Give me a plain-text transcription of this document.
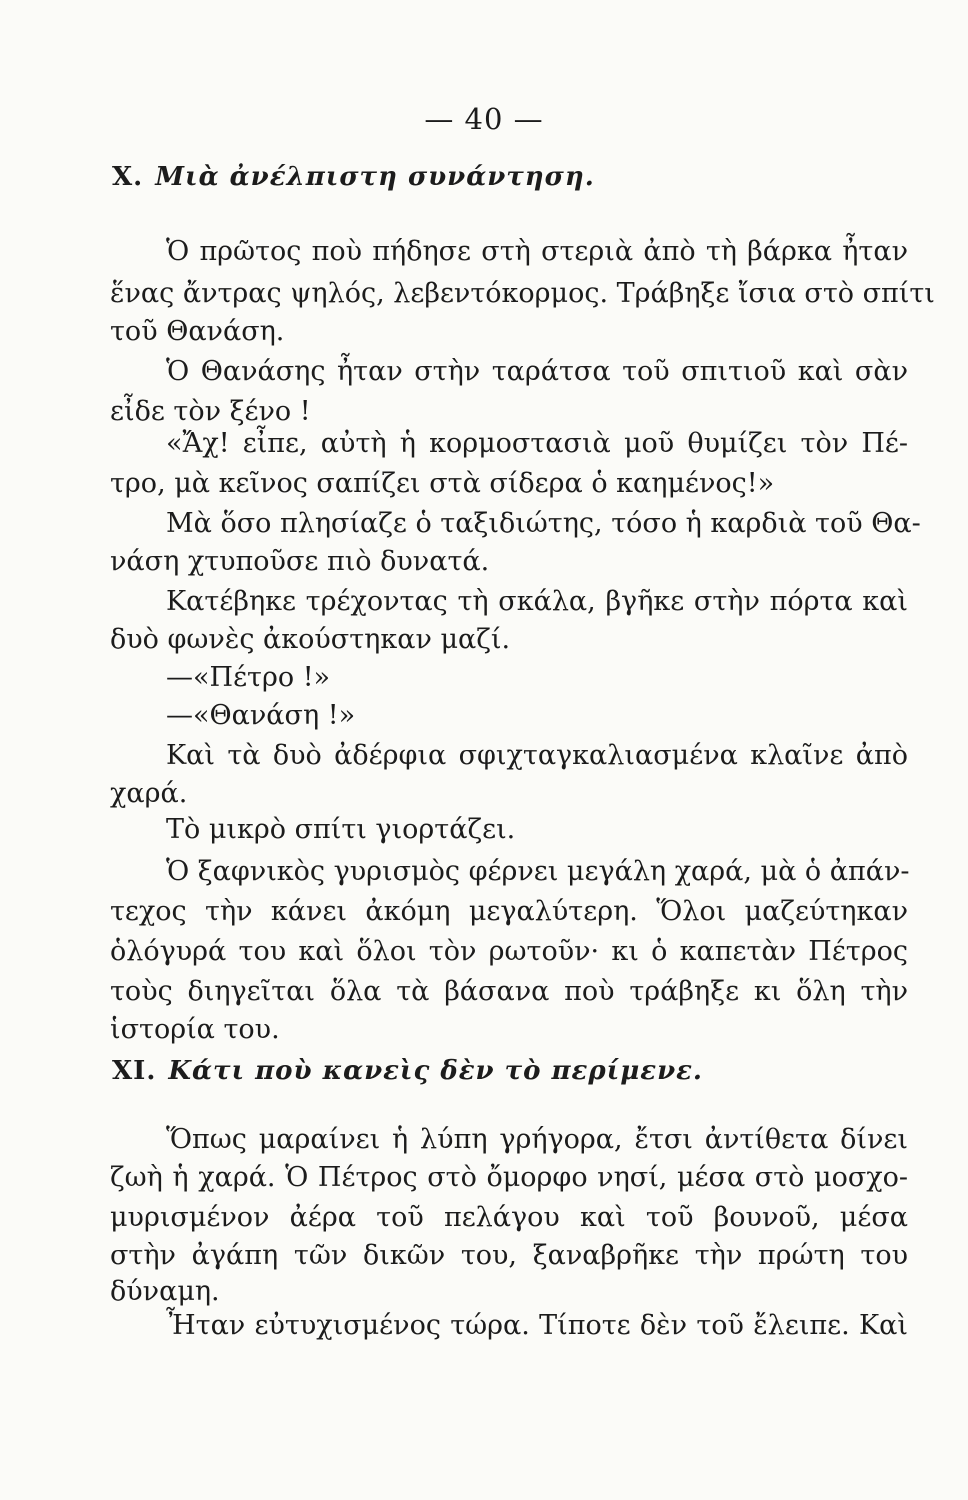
— 40 —
X. Μιὰ ἀνέλπιστη συνάντηση.
Ὁ πρῶτος ποὺ πήδησε στὴ στεριὰ ἀπὸ τὴ βάρκα ἦταν
ἕνας ἄντρας ψηλός, λεβεντόκορμος. Τράβηξε ἴσια στὸ σπίτι
τοῦ Θανάση.
Ὁ Θανάσης ἦταν στὴν ταράτσα τοῦ σπιτιοῦ καὶ σὰν
εἶδε τὸν ξένο !
«Ἄχ! εἶπε, αὐτὴ ἡ κορμοστασιὰ μοῦ θυμίζει τὸν Πέ-
τρο, μὰ κεῖνος σαπίζει στὰ σίδερα ὁ καημένος!»
Μὰ ὅσο πλησίαζε ὁ ταξιδιώτης, τόσο ἡ καρδιὰ τοῦ Θα-
νάση χτυποῦσε πιὸ δυνατά.
Κατέβηκε τρέχοντας τὴ σκάλα, βγῆκε στὴν πόρτα καὶ
δυὸ φωνὲς ἀκούστηκαν μαζί.
—«Πέτρο !»
—«Θανάση !»
Καὶ τὰ δυὸ ἀδέρφια σφιχταγκαλιασμένα κλαῖνε ἀπὸ
χαρά.
Τὸ μικρὸ σπίτι γιορτάζει.
Ὁ ξαφνικὸς γυρισμὸς φέρνει μεγάλη χαρά, μὰ ὁ ἀπάν-
τεχος τὴν κάνει ἀκόμη μεγαλύτερη. Ὅλοι μαζεύτηκαν
ὁλόγυρά του καὶ ὅλοι τὸν ρωτοῦν· κι ὁ καπετὰν Πέτρος
τοὺς διηγεῖται ὅλα τὰ βάσανα ποὺ τράβηξε κι ὅλη τὴν
ἱστορία του.
XI. Κάτι ποὺ κανεὶς δὲν τὸ περίμενε.
Ὅπως μαραίνει ἡ λύπη γρήγορα, ἔτσι ἀντίθετα δίνει
ζωὴ ἡ χαρά. Ὁ Πέτρος στὸ ὄμορφο νησί, μέσα στὸ μοσχο-
μυρισμένον ἀέρα τοῦ πελάγου καὶ τοῦ βουνοῦ, μέσα
στὴν ἀγάπη τῶν δικῶν του, ξαναβρῆκε τὴν πρώτη του
δύναμη.
Ἦταν εὐτυχισμένος τώρα. Τίποτε δὲν τοῦ ἔλειπε. Καὶ
